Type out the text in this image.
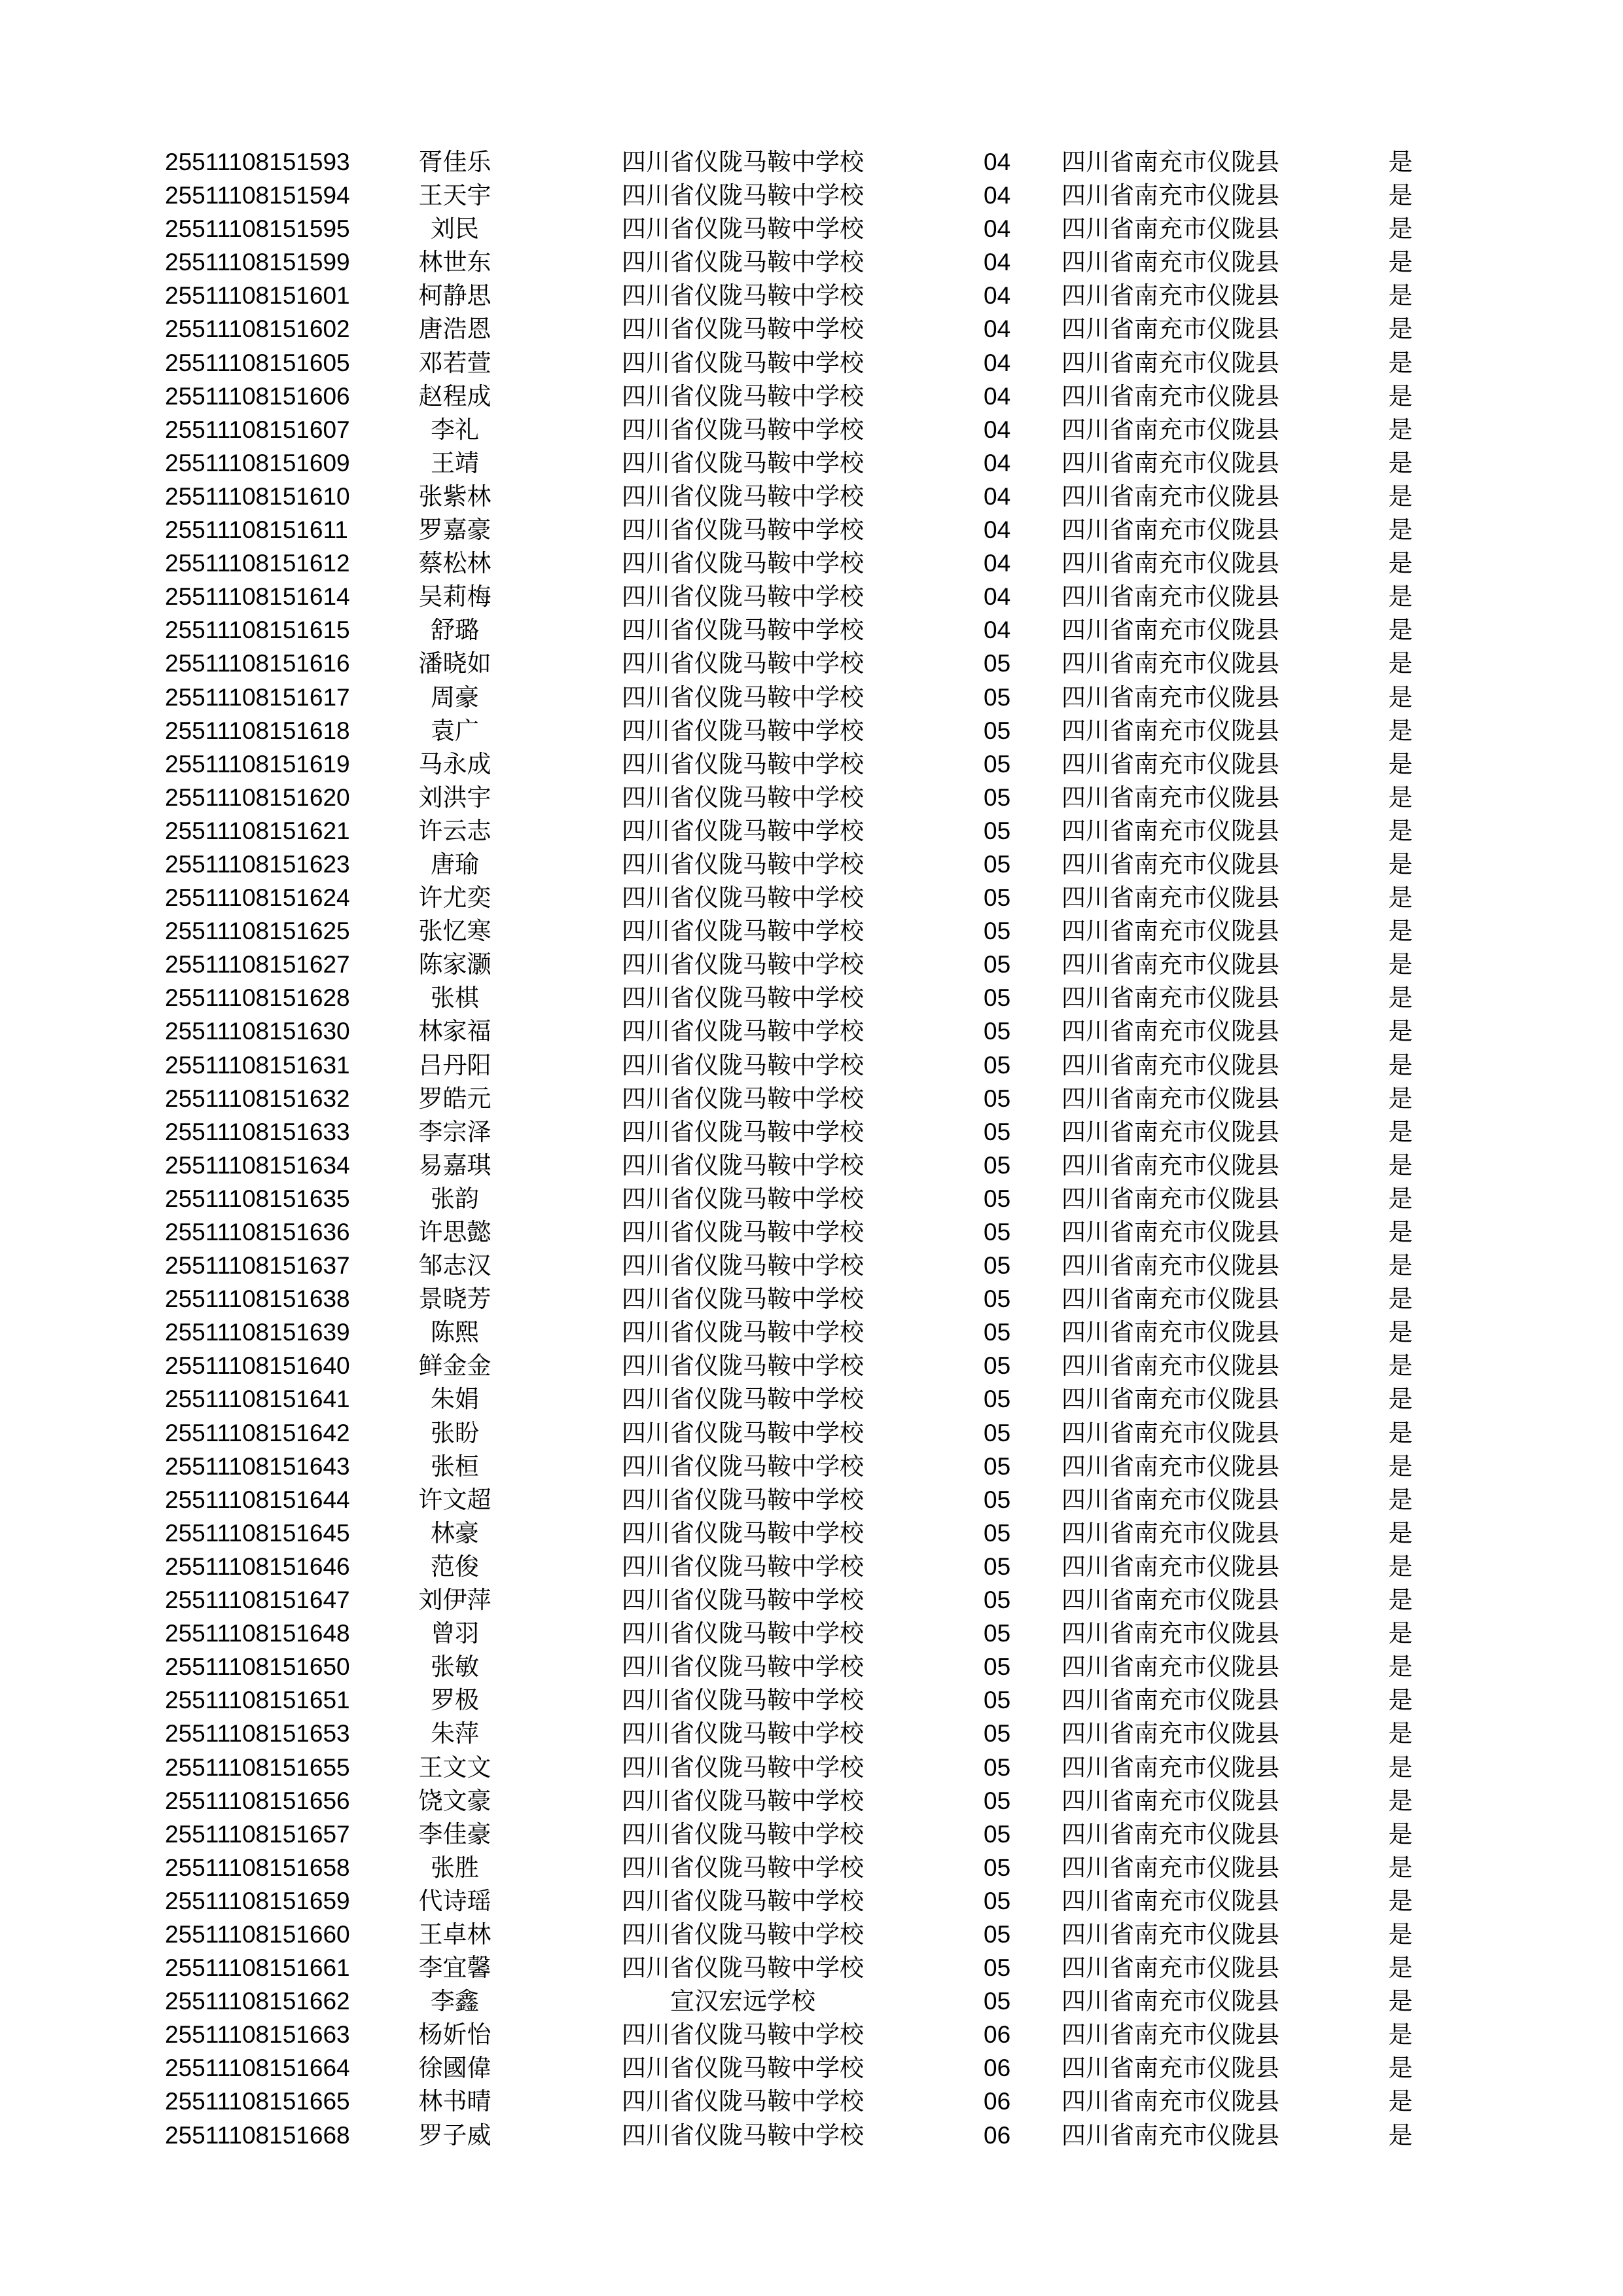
25511108151593	胥佳乐	四川省仪陇马鞍中学校	04 四川省南充市仪陇县	是
25511108151594	王天宇	四川省仪陇马鞍中学校	04 四川省南充市仪陇县	是
25511108151595	刘民	四川省仪陇马鞍中学校	04 四川省南充市仪陇县	是
25511108151599	林世东	四川省仪陇马鞍中学校	04 四川省南充市仪陇县	是
25511108151601	柯静思	四川省仪陇马鞍中学校	04 四川省南充市仪陇县	是
25511108151602	唐浩恩	四川省仪陇马鞍中学校	04 四川省南充市仪陇县	是
25511108151605	邓若萱	四川省仪陇马鞍中学校	04 四川省南充市仪陇县	是
25511108151606	赵程成	四川省仪陇马鞍中学校	04 四川省南充市仪陇县	是
25511108151607	李礼	四川省仪陇马鞍中学校	04 四川省南充市仪陇县	是
25511108151609	王靖	四川省仪陇马鞍中学校	04 四川省南充市仪陇县	是
25511108151610	张紫林	四川省仪陇马鞍中学校	04 四川省南充市仪陇县	是
25511108151611	罗嘉豪	四川省仪陇马鞍中学校	04 四川省南充市仪陇县	是
25511108151612	蔡松林	四川省仪陇马鞍中学校	04 四川省南充市仪陇县	是
25511108151614	吴莉梅	四川省仪陇马鞍中学校	04 四川省南充市仪陇县	是
25511108151615	舒璐	四川省仪陇马鞍中学校	04 四川省南充市仪陇县	是
25511108151616	潘晓如	四川省仪陇马鞍中学校	05 四川省南充市仪陇县	是
25511108151617	周豪	四川省仪陇马鞍中学校	05 四川省南充市仪陇县	是
25511108151618	袁广	四川省仪陇马鞍中学校	05 四川省南充市仪陇县	是
25511108151619	马永成	四川省仪陇马鞍中学校	05 四川省南充市仪陇县	是
25511108151620	刘洪宇	四川省仪陇马鞍中学校	05 四川省南充市仪陇县	是
25511108151621	许云志	四川省仪陇马鞍中学校	05 四川省南充市仪陇县	是
25511108151623	唐瑜	四川省仪陇马鞍中学校	05 四川省南充市仪陇县	是
25511108151624	许尤奕	四川省仪陇马鞍中学校	05 四川省南充市仪陇县	是
25511108151625	张忆寒	四川省仪陇马鞍中学校	05 四川省南充市仪陇县	是
25511108151627	陈家灏	四川省仪陇马鞍中学校	05 四川省南充市仪陇县	是
25511108151628	张棋	四川省仪陇马鞍中学校	05 四川省南充市仪陇县	是
25511108151630	林家福	四川省仪陇马鞍中学校	05 四川省南充市仪陇县	是
25511108151631	吕丹阳	四川省仪陇马鞍中学校	05 四川省南充市仪陇县	是
25511108151632	罗皓元	四川省仪陇马鞍中学校	05 四川省南充市仪陇县	是
25511108151633	李宗泽	四川省仪陇马鞍中学校	05 四川省南充市仪陇县	是
25511108151634	易嘉琪	四川省仪陇马鞍中学校	05 四川省南充市仪陇县	是
25511108151635	张韵	四川省仪陇马鞍中学校	05 四川省南充市仪陇县	是
25511108151636	许思懿	四川省仪陇马鞍中学校	05 四川省南充市仪陇县	是
25511108151637	邹志汉	四川省仪陇马鞍中学校	05 四川省南充市仪陇县	是
25511108151638	景晓芳	四川省仪陇马鞍中学校	05 四川省南充市仪陇县	是
25511108151639	陈熙	四川省仪陇马鞍中学校	05 四川省南充市仪陇县	是
25511108151640	鲜金金	四川省仪陇马鞍中学校	05 四川省南充市仪陇县	是
25511108151641	朱娟	四川省仪陇马鞍中学校	05 四川省南充市仪陇县	是
25511108151642	张盼	四川省仪陇马鞍中学校	05 四川省南充市仪陇县	是
25511108151643	张桓	四川省仪陇马鞍中学校	05 四川省南充市仪陇县	是
25511108151644	许文超	四川省仪陇马鞍中学校	05 四川省南充市仪陇县	是
25511108151645	林豪	四川省仪陇马鞍中学校	05 四川省南充市仪陇县	是
25511108151646	范俊	四川省仪陇马鞍中学校	05 四川省南充市仪陇县	是
25511108151647	刘伊萍	四川省仪陇马鞍中学校	05 四川省南充市仪陇县	是
25511108151648	曾羽	四川省仪陇马鞍中学校	05 四川省南充市仪陇县	是
25511108151650	张敏	四川省仪陇马鞍中学校	05 四川省南充市仪陇县	是
25511108151651	罗极	四川省仪陇马鞍中学校	05 四川省南充市仪陇县	是
25511108151653	朱萍	四川省仪陇马鞍中学校	05 四川省南充市仪陇县	是
25511108151655	王文文	四川省仪陇马鞍中学校	05 四川省南充市仪陇县	是
25511108151656	饶文豪	四川省仪陇马鞍中学校	05 四川省南充市仪陇县	是
25511108151657	李佳豪	四川省仪陇马鞍中学校	05 四川省南充市仪陇县	是
25511108151658	张胜	四川省仪陇马鞍中学校	05 四川省南充市仪陇县	是
25511108151659	代诗瑶	四川省仪陇马鞍中学校	05 四川省南充市仪陇县	是
25511108151660	王卓林	四川省仪陇马鞍中学校	05 四川省南充市仪陇县	是
25511108151661	李宜馨	四川省仪陇马鞍中学校	05 四川省南充市仪陇县	是
25511108151662	李鑫	宣汉宏远学校	05 四川省南充市仪陇县	是
25511108151663	杨妡怡	四川省仪陇马鞍中学校	06 四川省南充市仪陇县	是
25511108151664	徐國偉	四川省仪陇马鞍中学校	06 四川省南充市仪陇县	是
25511108151665	林书晴	四川省仪陇马鞍中学校	06 四川省南充市仪陇县	是
25511108151668	罗子威	四川省仪陇马鞍中学校	06 四川省南充市仪陇县	是
